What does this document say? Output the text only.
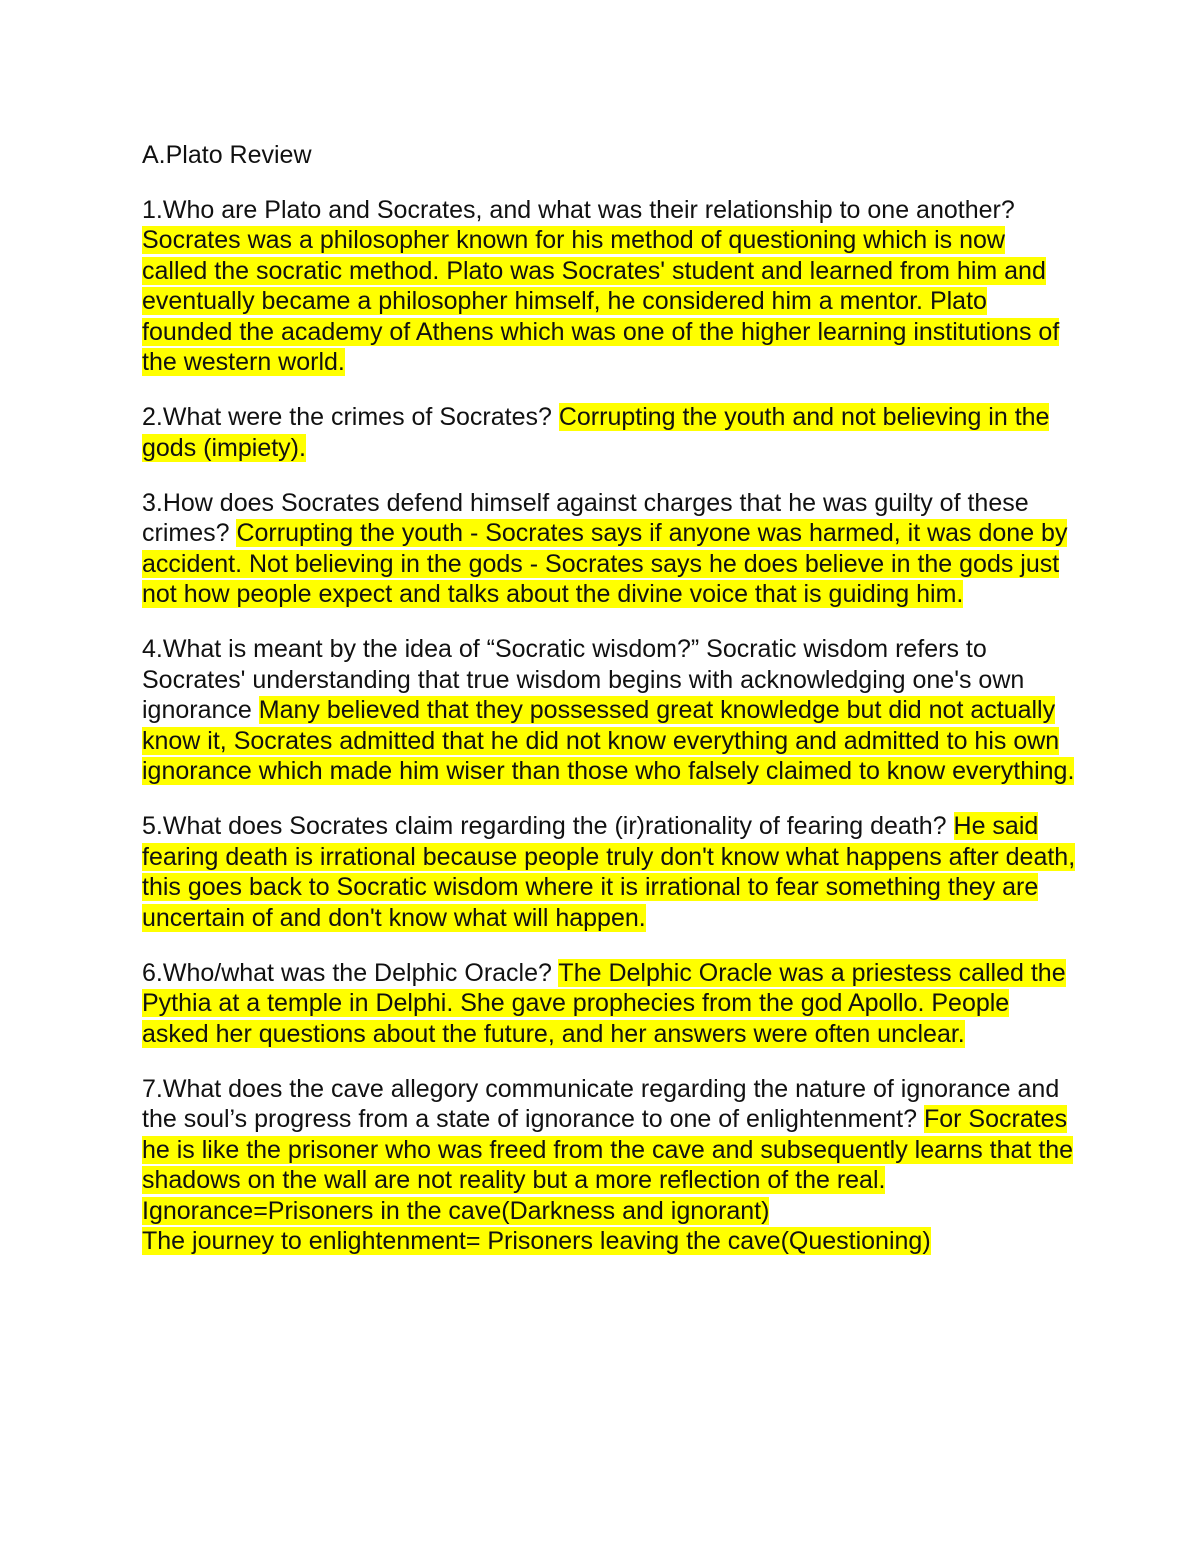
A.Plato Review

1.Who are Plato and Socrates, and what was their relationship to one another? Socrates was a philosopher known for his method of questioning which is now called the socratic method. Plato was Socrates' student and learned from him and eventually became a philosopher himself, he considered him a mentor. Plato founded the academy of Athens which was one of the higher learning institutions of the western world.

2.What were the crimes of Socrates? Corrupting the youth and not believing in the gods (impiety).

3.How does Socrates defend himself against charges that he was guilty of these crimes? Corrupting the youth - Socrates says if anyone was harmed, it was done by accident. Not believing in the gods - Socrates says he does believe in the gods just not how people expect and talks about the divine voice that is guiding him.

4.What is meant by the idea of “Socratic wisdom?” Socratic wisdom refers to Socrates' understanding that true wisdom begins with acknowledging one's own ignorance Many believed that they possessed great knowledge but did not actually know it, Socrates admitted that he did not know everything and admitted to his own ignorance which made him wiser than those who falsely claimed to know everything.

5.What does Socrates claim regarding the (ir)rationality of fearing death? He said fearing death is irrational because people truly don't know what happens after death, this goes back to Socratic wisdom where it is irrational to fear something they are uncertain of and don't know what will happen.

6.Who/what was the Delphic Oracle? The Delphic Oracle was a priestess called the Pythia at a temple in Delphi. She gave prophecies from the god Apollo. People asked her questions about the future, and her answers were often unclear.

7.What does the cave allegory communicate regarding the nature of ignorance and the soul’s progress from a state of ignorance to one of enlightenment? For Socrates he is like the prisoner who was freed from the cave and subsequently learns that the shadows on the wall are not reality but a more reflection of the real.
Ignorance=Prisoners in the cave(Darkness and ignorant)
The journey to enlightenment= Prisoners leaving the cave(Questioning)
